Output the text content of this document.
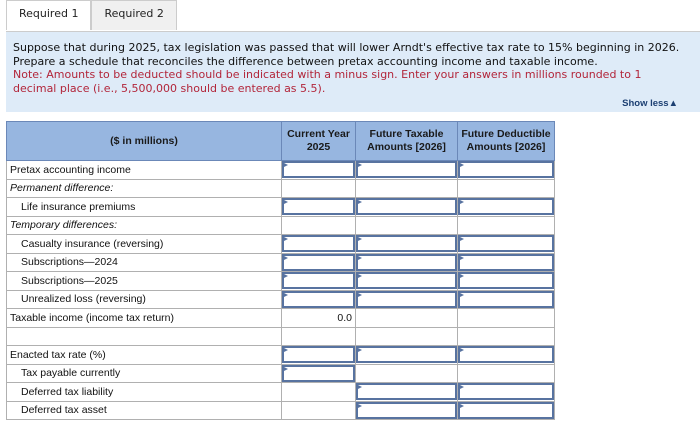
Required 1	Required 2
Suppose that during 2025, tax legislation was passed that will lower Arndt's effective tax rate to 15% beginning in 2026. Prepare a schedule that reconciles the difference between pretax accounting income and taxable income.
Note: Amounts to be deducted should be indicated with a minus sign. Enter your answers in millions rounded to 1 decimal place (i.e., 5,500,000 should be entered as 5.5).
Show less▲
($ in millions)	Current Year 2025	Future Taxable Amounts [2026]	Future Deductible Amounts [2026]
Pretax accounting income	

Permanent difference:			
Life insurance premiums	

Temporary differences:			
Casualty insurance (reversing)	

Subscriptions—2024	

Subscriptions—2025	

Unrealized loss (reversing)	

Taxable income (income tax return)	0.0		

Enacted tax rate (%)	

Tax payable currently	

Deferred tax liability		

Deferred tax asset		
